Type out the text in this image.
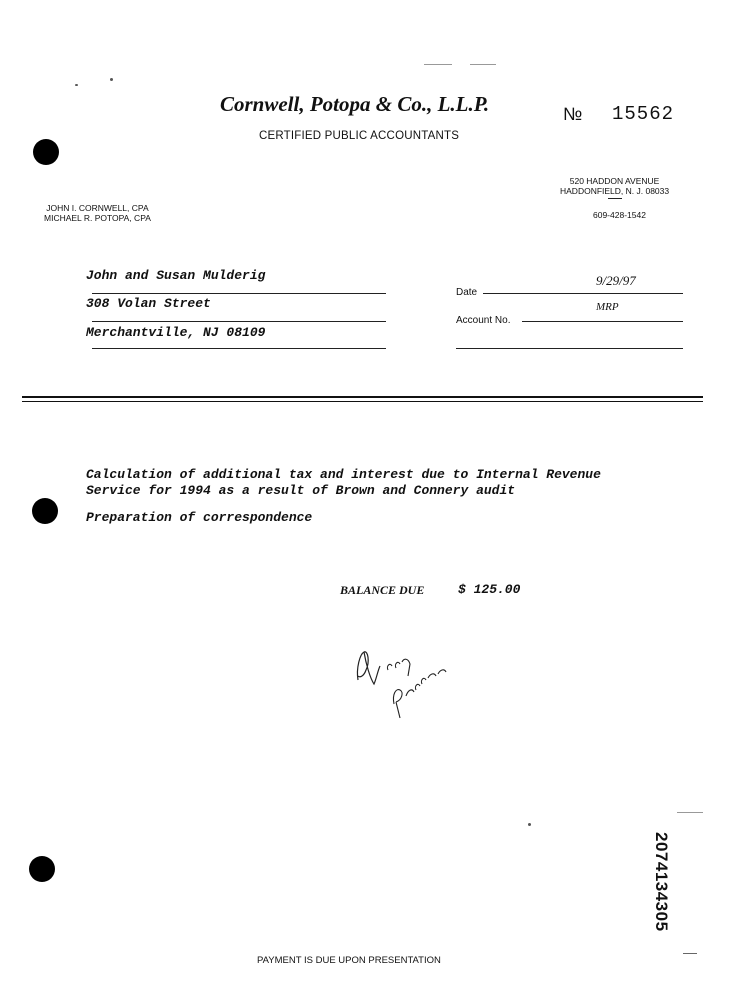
Cornwell, Potopa & Co., L.L.P.
CERTIFIED PUBLIC ACCOUNTANTS
№ 15562
520 HADDON AVENUE
HADDONFIELD, N. J. 08033
609-428-1542
JOHN I. CORNWELL, CPA
MICHAEL R. POTOPA, CPA
John and Susan Mulderig
308 Volan Street
Merchantville, NJ 08109
9/29/97
Date
MRP
Account No.
Calculation of additional tax and interest due to Internal Revenue
Service for 1994 as a result of Brown and Connery audit
Preparation of correspondence
BALANCE DUE	$ 125.00
2074134305
PAYMENT IS DUE UPON PRESENTATION
